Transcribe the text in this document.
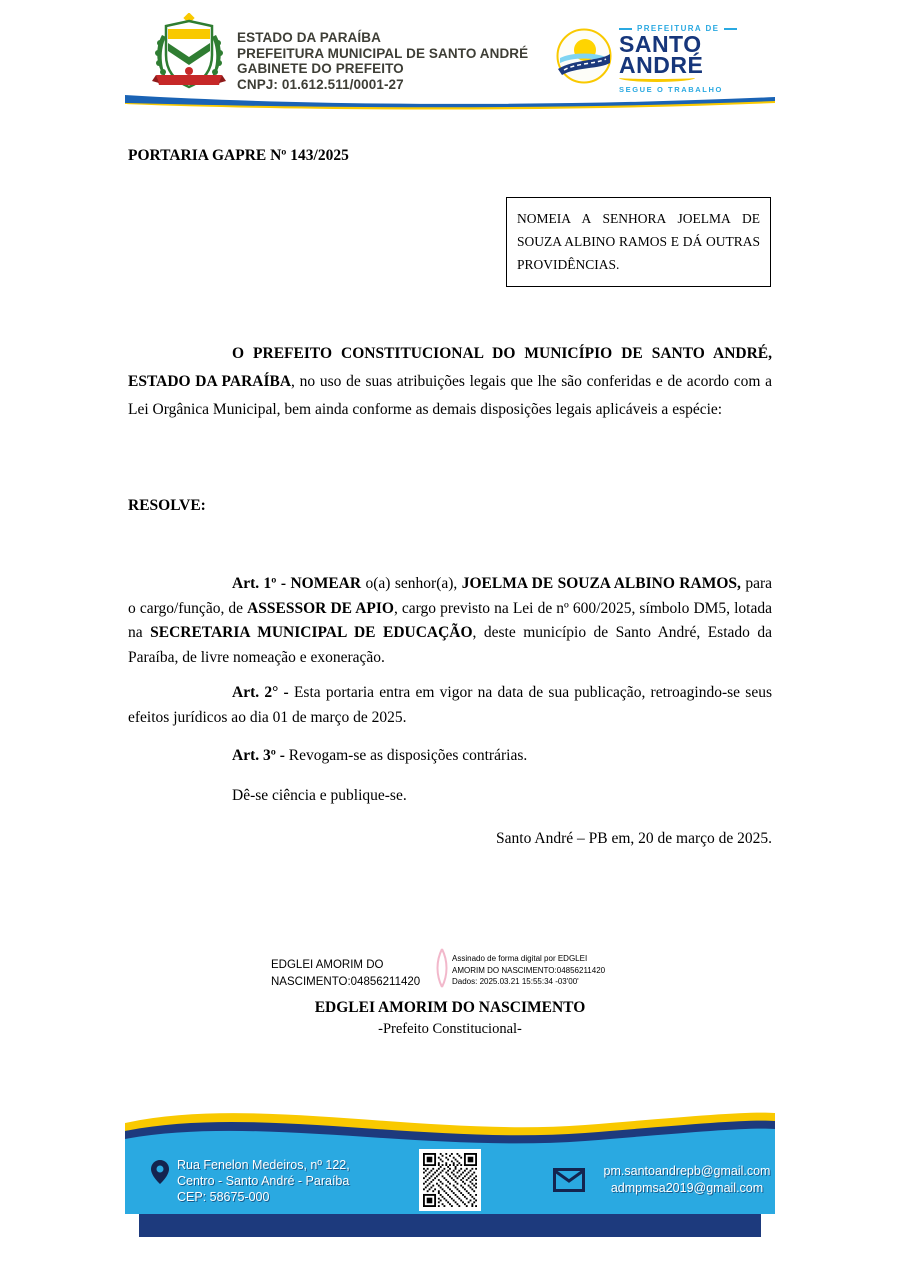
ESTADO DA PARAÍBA
PREFEITURA MUNICIPAL DE SANTO ANDRÉ
GABINETE DO PREFEITO
CNPJ: 01.612.511/0001-27
PREFEITURA DE
SANTO
ANDRÉ
SEGUE O TRABALHO
PORTARIA GAPRE Nº 143/2025
NOMEIA A SENHORA JOELMA DE SOUZA ALBINO RAMOS E DÁ OUTRAS PROVIDÊNCIAS.

O PREFEITO CONSTITUCIONAL DO MUNICÍPIO DE SANTO ANDRÉ, ESTADO DA PARAÍBA, no uso de suas atribuições legais que lhe são conferidas e de acordo com a Lei Orgânica Municipal, bem ainda conforme as demais disposições legais aplicáveis a espécie:

RESOLVE:

Art. 1º - NOMEAR o(a) senhor(a), JOELMA DE SOUZA ALBINO RAMOS, para o cargo/função, de ASSESSOR DE APIO, cargo previsto na Lei de nº 600/2025, símbolo DM5, lotada na SECRETARIA MUNICIPAL DE EDUCAÇÃO, deste município de Santo André, Estado da Paraíba, de livre nomeação e exoneração.

Art. 2° - Esta portaria entra em vigor na data de sua publicação, retroagindo-se seus efeitos jurídicos ao dia 01 de março de 2025.

Art. 3º - Revogam-se as disposições contrárias.

Dê-se ciência e publique-se.

Santo André – PB em, 20 de março de 2025.
EDGLEI AMORIM DO
NASCIMENTO:04856211420
Assinado de forma digital por EDGLEI
AMORIM DO NASCIMENTO:04856211420
Dados: 2025.03.21 15:55:34 -03'00'
EDGLEI AMORIM DO NASCIMENTO
-Prefeito Constitucional-
Rua Fenelon Medeiros, nº 122,
Centro - Santo André - Paraíba
CEP: 58675-000
pm.santoandrepb@gmail.com
admpmsa2019@gmail.com
